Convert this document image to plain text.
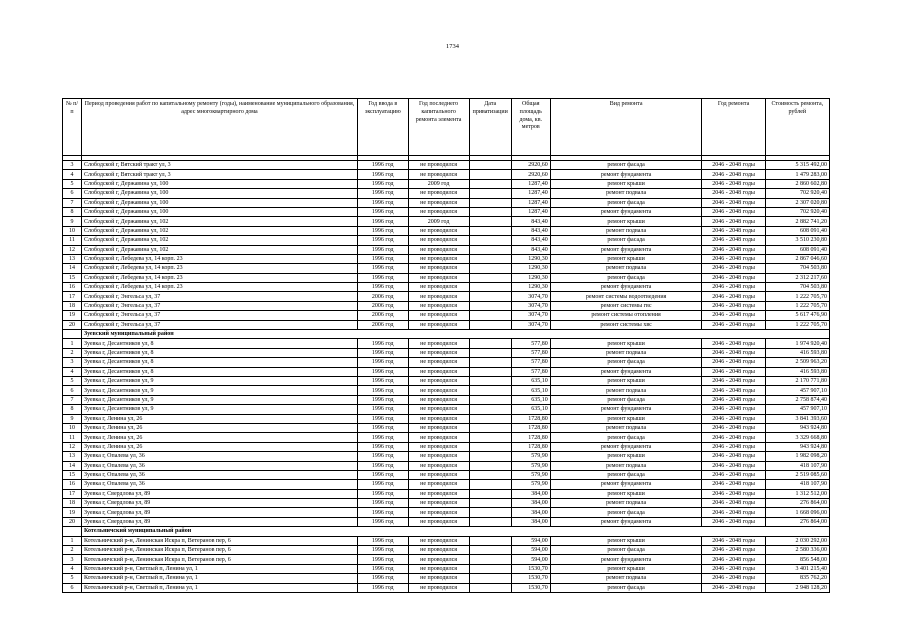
1734
№ п/п	Период проведения работ по капитальному ремонту (годы), наименование муниципального образования, адрес многоквартирного дома	Год ввода в эксплуатацию	Год последнего капитального ремонта элемента	Дата приватизации	Общая площадь дома, кв. метров	Вид ремонта	Год ремонта	Стоимость ремонта, рублей

3	Слободской г, Вятский тракт ул, 3	1996 год	не проводился		2920,60	ремонт фасада	2046 - 2048 годы	5 315 492,00
4	Слободской г, Вятский тракт ул, 3	1996 год	не проводился		2920,60	ремонт фундамента	2046 - 2048 годы	1 479 283,00
5	Слободской г, Державина ул, 100	1996 год	2009 год		1287,40	ремонт крыши	2046 - 2048 годы	2 860 602,80
6	Слободской г, Державина ул, 100	1996 год	не проводился		1287,40	ремонт подвала	2046 - 2048 годы	702 920,40
7	Слободской г, Державина ул, 100	1996 год	не проводился		1287,40	ремонт фасада	2046 - 2048 годы	2 307 020,80
8	Слободской г, Державина ул, 100	1996 год	не проводился		1287,40	ремонт фундамента	2046 - 2048 годы	702 920,40
9	Слободской г, Державина ул, 102	1996 год	2009 год		843,40	ремонт крыши	2046 - 2048 годы	2 882 741,20
10	Слободской г, Державина ул, 102	1996 год	не проводился		843,40	ремонт подвала	2046 - 2048 годы	608 091,40
11	Слободской г, Державина ул, 102	1996 год	не проводился		843,40	ремонт фасада	2046 - 2048 годы	3 510 230,80
12	Слободской г, Державина ул, 102	1996 год	не проводился		843,40	ремонт фундамента	2046 - 2048 годы	608 091,40
13	Слободской г, Лебедева ул, 14 корп. 23	1996 год	не проводился		1290,30	ремонт крыши	2046 - 2048 годы	2 867 046,60
14	Слободской г, Лебедева ул, 14 корп. 23	1996 год	не проводился		1290,30	ремонт подвала	2046 - 2048 годы	704 503,80
15	Слободской г, Лебедева ул, 14 корп. 23	1996 год	не проводился		1290,30	ремонт фасада	2046 - 2048 годы	2 312 217,60
16	Слободской г, Лебедева ул, 14 корп. 23	1996 год	не проводился		1290,30	ремонт фундамента	2046 - 2048 годы	704 503,80
17	Слободской г, Энгельса ул, 37	2006 год	не проводился		3074,70	ремонт системы водоотведения	2046 - 2048 годы	1 222 705,70
18	Слободской г, Энгельса ул, 37	2006 год	не проводился		3074,70	ремонт системы гвс	2046 - 2048 годы	1 222 705,70
19	Слободской г, Энгельса ул, 37	2006 год	не проводился		3074,70	ремонт системы отопления	2046 - 2048 годы	5 617 476,90
20	Слободской г, Энгельса ул, 37	2006 год	не проводился		3074,70	ремонт системы хвс	2046 - 2048 годы	1 222 705,70
	Зуевский муниципальный район							
1	Зуевка г, Десантников ул, 8	1996 год	не проводился		577,80	ремонт крыши	2046 - 2048 годы	1 974 920,40
2	Зуевка г, Десантников ул, 8	1996 год	не проводился		577,80	ремонт подвала	2046 - 2048 годы	416 593,80
3	Зуевка г, Десантников ул, 8	1996 год	не проводился		577,80	ремонт фасада	2046 - 2048 годы	2 509 963,20
4	Зуевка г, Десантников ул, 8	1996 год	не проводился		577,80	ремонт фундамента	2046 - 2048 годы	416 593,80
5	Зуевка г, Десантников ул, 9	1996 год	не проводился		635,10	ремонт крыши	2046 - 2048 годы	2 170 771,80
6	Зуевка г, Десантников ул, 9	1996 год	не проводился		635,10	ремонт подвала	2046 - 2048 годы	457 907,10
7	Зуевка г, Десантников ул, 9	1996 год	не проводился		635,10	ремонт фасада	2046 - 2048 годы	2 758 874,40
8	Зуевка г, Десантников ул, 9	1996 год	не проводился		635,10	ремонт фундамента	2046 - 2048 годы	457 907,10
9	Зуевка г, Ленина ул, 26	1996 год	не проводился		1728,80	ремонт крыши	2046 - 2048 годы	3 841 393,60
10	Зуевка г, Ленина ул, 26	1996 год	не проводился		1728,80	ремонт подвала	2046 - 2048 годы	943 924,80
11	Зуевка г, Ленина ул, 26	1996 год	не проводился		1728,80	ремонт фасада	2046 - 2048 годы	3 329 668,80
12	Зуевка г, Ленина ул, 26	1996 год	не проводился		1728,80	ремонт фундамента	2046 - 2048 годы	943 924,80
13	Зуевка г, Опалева ул, 36	1996 год	не проводился		579,90	ремонт крыши	2046 - 2048 годы	1 982 098,20
14	Зуевка г, Опалева ул, 36	1996 год	не проводился		579,90	ремонт подвала	2046 - 2048 годы	418 107,90
15	Зуевка г, Опалева ул, 36	1996 год	не проводился		579,90	ремонт фасада	2046 - 2048 годы	2 519 085,60
16	Зуевка г, Опалева ул, 36	1996 год	не проводился		579,90	ремонт фундамента	2046 - 2048 годы	418 107,90
17	Зуевка г, Свердлова ул, 89	1996 год	не проводился		384,00	ремонт крыши	2046 - 2048 годы	1 312 512,00
18	Зуевка г, Свердлова ул, 89	1996 год	не проводился		384,00	ремонт подвала	2046 - 2048 годы	276 864,00
19	Зуевка г, Свердлова ул, 89	1996 год	не проводился		384,00	ремонт фасада	2046 - 2048 годы	1 668 096,00
20	Зуевка г, Свердлова ул, 89	1996 год	не проводился		384,00	ремонт фундамента	2046 - 2048 годы	276 864,00
	Котельничский муниципальный район							
1	Котельничский р-н, Ленинская Искра п, Ветеранов пер, 6	1996 год	не проводился		594,00	ремонт крыши	2046 - 2048 годы	2 030 292,00
2	Котельничский р-н, Ленинская Искра п, Ветеранов пер, 6	1996 год	не проводился		594,00	ремонт фасада	2046 - 2048 годы	2 580 336,00
3	Котельничский р-н, Ленинская Искра п, Ветеранов пер, 6	1996 год	не проводился		594,00	ремонт фундамента	2046 - 2048 годы	856 548,00
4	Котельничский р-н, Светлый п, Ленина ул, 1	1996 год	не проводился		1530,70	ремонт крыши	2046 - 2048 годы	3 401 215,40
5	Котельничский р-н, Светлый п, Ленина ул, 1	1996 год	не проводился		1530,70	ремонт подвала	2046 - 2048 годы	835 762,20
6	Котельничский р-н, Светлый п, Ленина ул, 1	1996 год	не проводился		1530,70	ремонт фасада	2046 - 2048 годы	2 948 128,20
